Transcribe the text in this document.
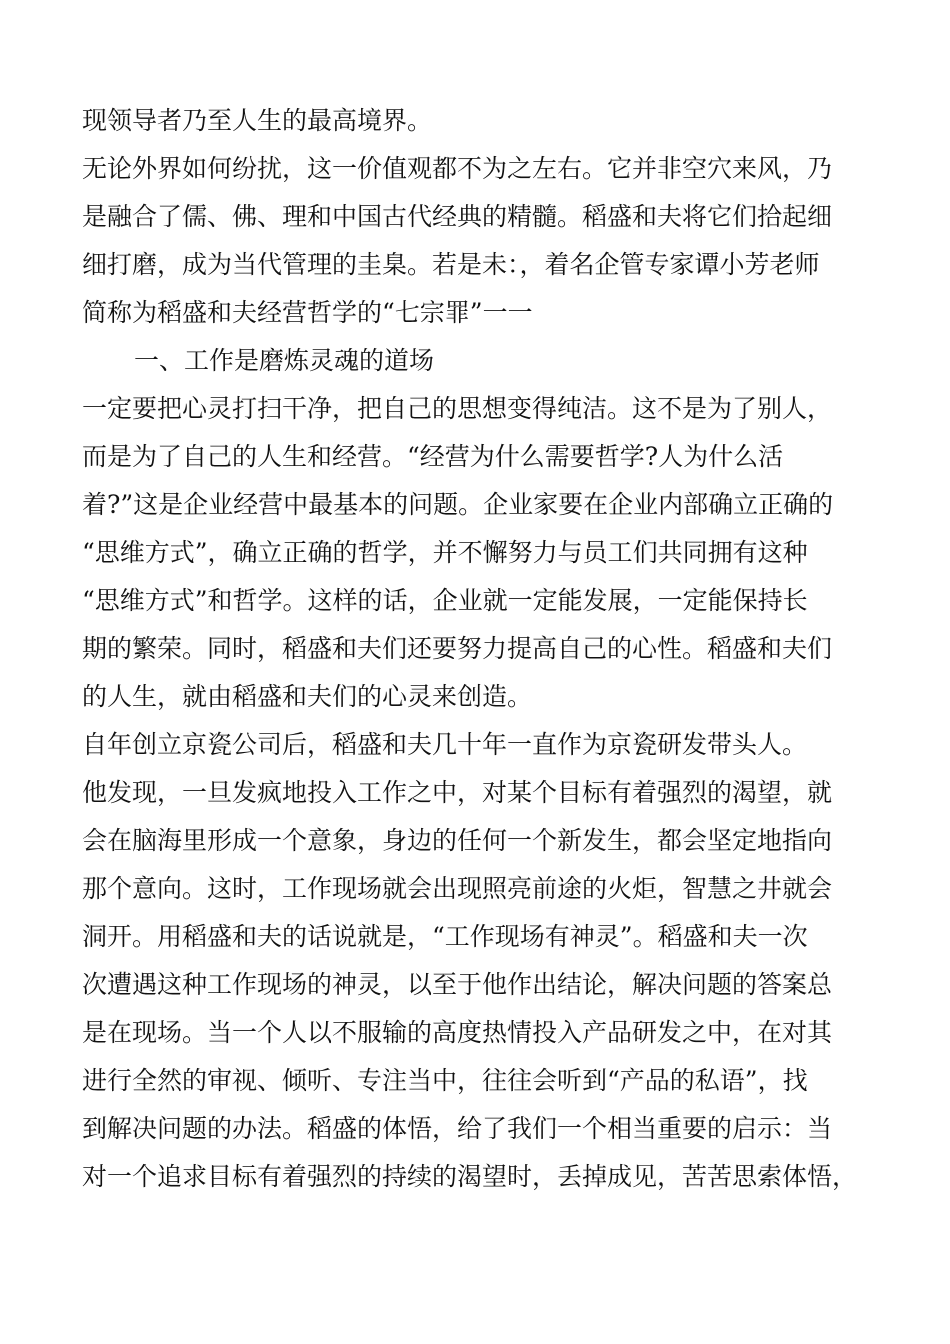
现领导者乃至人生的最高境界。
无论外界如何纷扰，这一价值观都不为之左右。它并非空穴来风，乃
是融合了儒、佛、理和中国古代经典的精髓。稻盛和夫将它们拾起细
细打磨，成为当代管理的圭臬。若是未：，着名企管专家谭小芳老师
简称为稻盛和夫经营哲学的“七宗罪”一一
一、工作是磨炼灵魂的道场
一定要把心灵打扫干净，把自己的思想变得纯洁。这不是为了别人，
而是为了自己的人生和经营。“经营为什么需要哲学?人为什么活
着?”这是企业经营中最基本的问题。企业家要在企业内部确立正确的
“思维方式”，确立正确的哲学，并不懈努力与员工们共同拥有这种
“思维方式”和哲学。这样的话，企业就一定能发展，一定能保持长
期的繁荣。同时，稻盛和夫们还要努力提高自己的心性。稻盛和夫们
的人生，就由稻盛和夫们的心灵来创造。
自年创立京瓷公司后，稻盛和夫几十年一直作为京瓷研发带头人。
他发现，一旦发疯地投入工作之中，对某个目标有着强烈的渴望，就
会在脑海里形成一个意象，身边的任何一个新发生，都会坚定地指向
那个意向。这时，工作现场就会出现照亮前途的火炬，智慧之井就会
洞开。用稻盛和夫的话说就是，“工作现场有神灵”。稻盛和夫一次
次遭遇这种工作现场的神灵，以至于他作出结论，解决问题的答案总
是在现场。当一个人以不服输的高度热情投入产品研发之中，在对其
进行全然的审视、倾听、专注当中，往往会听到“产品的私语”，找
到解决问题的办法。稻盛的体悟，给了我们一个相当重要的启示：当
对一个追求目标有着强烈的持续的渴望时，丢掉成见，苦苦思索体悟，
